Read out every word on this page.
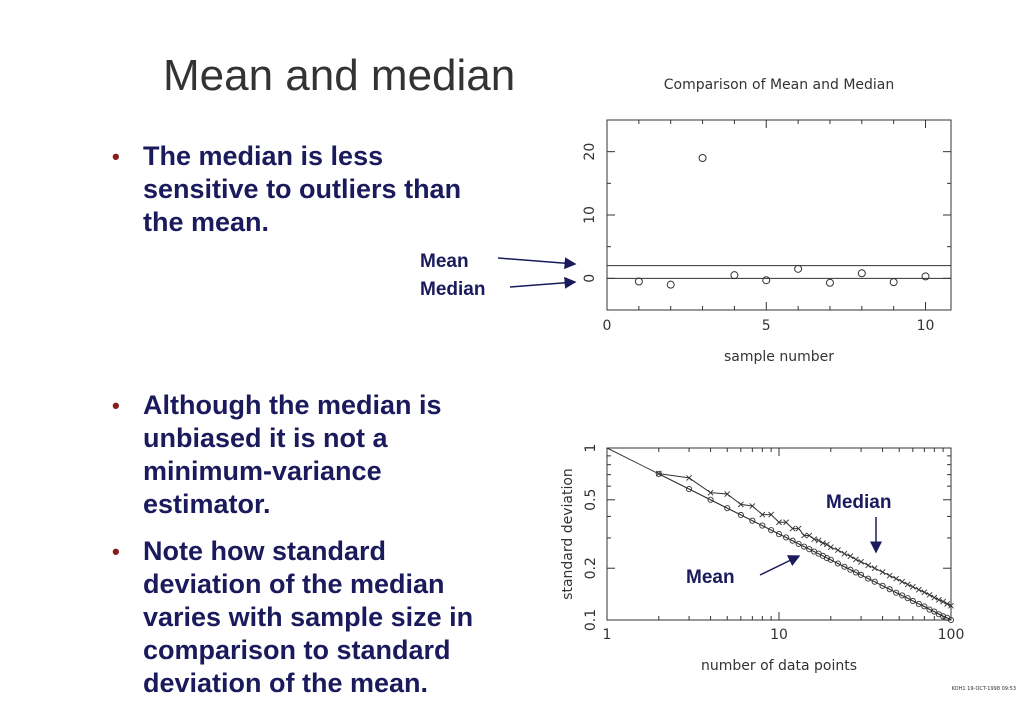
Mean and median
• The median is less
sensitive to outliers than
the mean.
• Although the median is
unbiased it is not a
minimum-variance
estimator.
• Note how standard
deviation of the median
varies with sample size in
comparison to standard
deviation of the mean.
Comparison of Mean and Median
sample number
0	5	10
0
10
20
Mean
Median
number of data points
standard deviation
1	10	100
0.1
0.2
0.5
1
Median
Mean
KOH1 19-OCT-1998 09:53
